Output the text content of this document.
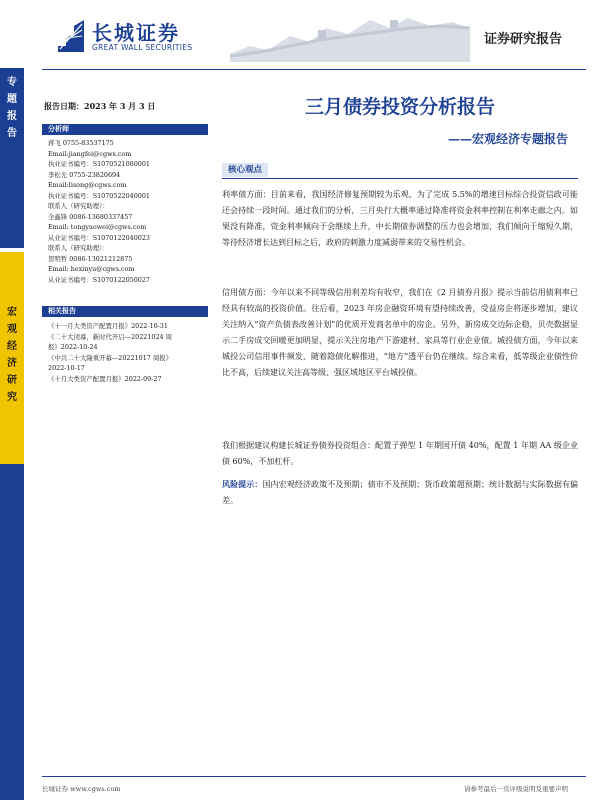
长城证券
GREAT WALL SECURITIES
证券研究报告
专
题
报
告
宏
观
经
济
研
究
报告日期：2023 年 3 月 3 日
分析师
蒋飞 0755-83537175
Email:jiangfei@cgws.com
执业证书编号：S1070521080001
李松光 0755-23820694
Email:lisong@cgws.com
执业证书编号：S1070522040001
联系人（研究助理）：
全鑫锋 0086-13680337457
Email: tongyaowei@cgws.com
从业证书编号：S1070122040023
联系人（研究助理）：
贺明哲 0086-13021212875
Email: hexinyu@cgws.com
从业证书编号：S1070122050027
相关报告
《十一月大类资产配置月报》2022-10-31
《二十大闭幕，新时代开启—20221024 周
报》2022-10-24
《中共二十大隆重开幕—20221017 周报》
2022-10-17
《十月大类资产配置月报》2022-09-27
三月债券投资分析报告
——宏观经济专题报告
核心观点
利率债方面：目前来看，我国经济修复预期较为乐观，为了完成 5.5%的增速目标综合投资信政可能还会持续一段时间。通过我们的分析，三月央行大概率通过降准将资金利率控制在利率走廊之内。如果没有降准，资金利率倾向于会继续上升，中长期债券调整的压力也会增加，我们倾向于缩短久期，等待经济增长达到目标之后，政府的刺激力度减弱带来的交易性机会。
信用债方面：今年以来不同等级信用利差均有收窄，我们在《2 月债券月报》提示当前信用债利率已经具有较高的投资价值。往后看，2023 年房企融资环境有望持续改善，受益房企将逐步增加，建议关注纳入“资产负债表改善计划”的优质开发商名单中的房企。另外，新房成交边际企稳，贝壳数据显示二手房成交回暖更加明显，提示关注房地产下游建材、家具等行业企业债。城投债方面，今年以来城投公司信用事件频发，随着隐债化解推进，“地方”透平台仍在继续。综合来看，低等级企业债性价比不高，后续建议关注高等级、强区域地区平台城投债。
我们根据建议构建长城证券债券投资组合：配置子弹型 1 年期国开债 40%，配置 1 年期 AA 级企业债 60%，不加杠杆。
风险提示：国内宏观经济政策不及预期；债市不及预期；货币政策超预期；统计数据与实际数据有偏差。
长城证券 www.cgws.com	请参考最后一页评级说明及重要声明
